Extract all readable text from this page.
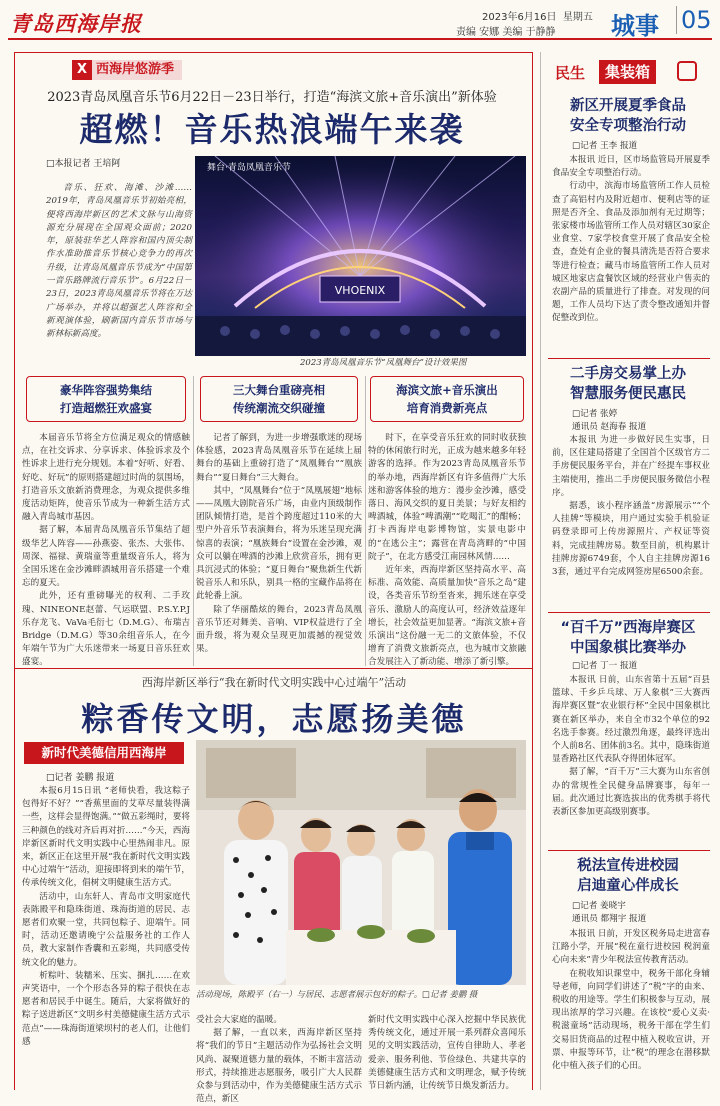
青岛西海岸报	2023年6月16日 星期五
责编 安娜 美编 于静静 城事 05
X 西海岸悠游季
2023青岛凤凰音乐节6月22日－23日举行，打造“海滨文旅+音乐演出”新体验
超燃！音乐热浪端午来袭
□本报记者 王培阿

音乐、狂欢、海滩、沙滩……2019年，青岛凤凰音乐节初始亮相，便将西海岸新区的艺术文脉与山海资源充分展现在全国观众面前；2020年，原装驻华艺人阵容和国内顶尖制作水准助推音乐节核心竞争力的再次升级，让青岛凤凰音乐节成为“中国第一音乐路牌流行音乐节”。6月22日－23日，2023青岛凤凰音乐节将在万达广场举办，并将以超强艺人阵容和全新观演体验，刷新国内音乐节市场与新林标新高度。

VHOENIX
舞台·青岛凤凰音乐节
2023青岛凤凰音乐节“凤凰舞台”设计效果图
豪华阵容强势集结
打造超燃狂欢盛宴
三大舞台重磅亮相
传统潮流交织碰撞
海滨文旅+音乐演出
培育消费新亮点

本届音乐节将全方位满足观众的情感触点，在社交诉求、分享诉求、体验诉求及个性诉求上进行充分规划。本着“好听、好看、好吃、好玩”的原则搭建超过时尚的氛围场，打造音乐文旅新消费理念，为观众提供多维度活动矩阵，使音乐节成为一种新生活方式融入青岛城市基因。

据了解，本届青岛凤凰音乐节集结了超级华艺人阵容——孙燕姿、张杰、大张伟、周深、福禄、黄瑞童等重量级音乐人，将为全国乐迷在金沙滩畔酒城用音乐搭建一个难忘的夏天。

此外，还有重磅曝光的权利、二手玫瑰、NINEONE赵蕾、气运联盟、P.S.Y.P.J乐存龙飞、VaVa毛衍七（D.M.G）、布瑞吉Bridge（D.M.G）等30余组音乐人，在今年端午节为广大乐迷带来一场夏日音乐狂欢盛宴。

记者了解到，为进一步增强歌迷的现场体验感，2023青岛凤凰音乐节在延续上届舞台的基础上重磅打造了“凤凰舞台”“凰族舞台”“夏日舞台”三大舞台。

其中，“凤凰舞台”位于“凤凰展翅”地标——凤凰大剧院音乐广场，由业内顶级制作团队倾情打造，是首个跨度超过110米的大型户外音乐节表演舞台，将为乐迷呈现充满惊喜的表演；“凰族舞台”设置在金沙滩，观众可以躺在啤酒的沙滩上欣赏音乐，拥有更具沉浸式的体验；“夏日舞台”聚焦新生代新锐音乐人和乐队，别具一格的宝藏作品将在此轮番上演。

除了华丽酷炫的舞台，2023青岛凤凰音乐节还对舞美、音响、VIP权益进行了全面升级，将为观众呈现更加震撼的视觉效果。

时下，在享受音乐狂欢的同时收获独特的休闲旅行时光，正成为越来越多年轻游客的选择。作为2023青岛凤凰音乐节的举办地，西海岸新区有许多值得广大乐迷和游客体验的地方：漫步金沙滩，感受落日、海风交织的夏日美景；与好友相约啤酒城，体验“啤酒潮”“吃喝汇”的酣畅；打卡西海岸电影博物馆，实景电影中的“在逃公主”；露营在青岛湾畔的“中国院子”，在北方感受江南园林风情……

近年来，西海岸新区坚持高水平、高标准、高效能、高质量加快“音乐之岛”建设，各类音乐节纷至沓来，拥乐迷在享受音乐、激励人的高度认可，经济效益逐年增长，社会效益更加显著。“海滨文旅+音乐演出”这份融一无二的文旅体验，不仅增育了消费文旅新亮点，也为城市文旅融合发展注入了新动能、增添了新引擎。

西海岸新区举行“我在新时代文明实践中心过端午”活动
粽香传文明，志愿扬美德
新时代美德信用西海岸
□记者 姜鹏 报道

本报6月15日讯 “老师快看，我这粽子包得好不好？”“香蕉里面的艾草尽量装得满一些，这样会显得饱满。”“做五彩绳时，要将三种颜色的线对齐后再对折……”今天，西海岸新区新时代文明实践中心里热闹非凡。原来，新区正在这里开展“我在新时代文明实践中心过端午”活动，迎接即将到来的端午节，传承传统文化，倡树文明健康生活方式。

活动中，山东轩人、青岛市文明家庭代表陈殿平和隐珠街道、珠海街道的居民、志愿者们欢聚一堂，共同包粽子、迎端午。同时，活动还邀请晚宁公益服务社的工作人员，教大家制作香囊和五彩绳，共同感受传统文化的魅力。

析粽叶、装糯米、压实、捆扎……在欢声笑语中，一个个形态各异的粽子很快在志愿者和居民手中诞生。随后，大家将做好的粽子送进新区“文明乡村美德健康生活方式示范点”——珠海街道梁坝村的老人们，让他们感

活动现场，陈殿平（右一）与居民、志愿者展示包好的粽子。□记者 姜鹏 摄

受社会大家庭的温暖。

据了解，一直以来，西海岸新区坚持将“我们的节日”主题活动作为弘扬社会文明风尚、凝聚道德力量的载体，不断丰富活动形式，持续推进志愿服务，吸引广大人民群众参与到活动中，作为美德健康生活方式示范点，新区

新时代文明实践中心深入挖掘中华民族优秀传统文化，通过开展一系列群众喜闻乐见的文明实践活动，宣传自律助人、孝老爱亲、服务利他、节俭绿色、共建共享的美德健康生活方式和文明理念，赋予传统节日新内涵，让传统节日焕发新活力。

民生	集装箱
新区开展夏季食品
安全专项整治行动
□记者 王李 报道

本报讯 近日，区市场监管局开展夏季食品安全专项整治行动。

行动中，滨海市场监管所工作人员检查了高铝村内及附近超市、便利店等的证照是否齐全、食品及添加剂有无过期等；张家楼市场监管所工作人员对辖区30家企业食堂、7家学校食堂开展了食品安全检查，查处有企业的餐具清洗是否符合要求等进行检查；藏马市场监管所工作人员对城区地家店盒餐饮区域的经营业户售卖的农副产品的质量进行了排查。对发现的问题，工作人员均下达了责令整改通知并督促整改到位。

二手房交易掌上办
智慧服务便民惠民
□记者 张婷
通讯员 赵海春 报道

本报讯 为进一步做好民生实事，日前，区住建局搭建了全国首个区级官方二手房便民服务平台，并在广经提车事权业主端使用，推出二手房便民服务微信小程序。

据悉，该小程序涵盖“房源展示”“个人挂牌”等模块，用户通过实验手机验证码登录即可上传房源照片、产权证等资料，完成挂牌房易。数至目前，机构累计挂牌房源6749套，个人自主挂牌房源163套，通过平台完成网签房屋6500余套。

“百千万”西海岸赛区
中国象棋比赛举办
□记者 丁一 报道

本报讯 日前，山东省第十五届“百县篮球、千乡乒乓球、万人象棋”三大赛西海岸赛区暨“农业银行杯”全民中国象棋比赛在新区举办，来自全市32个单位的92名选手参赛。经过激烈角逐，最终评选出个人前8名、团体前3名。其中，隐珠街道显香路社区代表队夺得团体冠军。

据了解，“百千万”三大赛为山东省创办的常规性全民健身品牌赛事，每年一届。此次通过比赛选拔出的优秀棋手将代表新区参加更高级别赛事。

税法宣传进校园
启迪童心伴成长
□记者 姜晓宇
通讯员 都翔宇 报道

本报讯 日前，开发区税务局走进富春江路小学，开展“税在童行进校园 税润童心向未来”青少年税法宣传教育活动。

在税收知识课堂中，税务干部化身辅导老师，向同学们讲述了“税”字的由来、税收的用途等。学生们积极参与互动，展现出浓厚的学习兴趣。在该校“爱心义卖·税滋童场”活动现场，税务干部在学生们交易旧货商品的过程中植入税收宣讲，开票、申报等环节，让“税”的理念在潜移默化中植入孩子们的心田。
